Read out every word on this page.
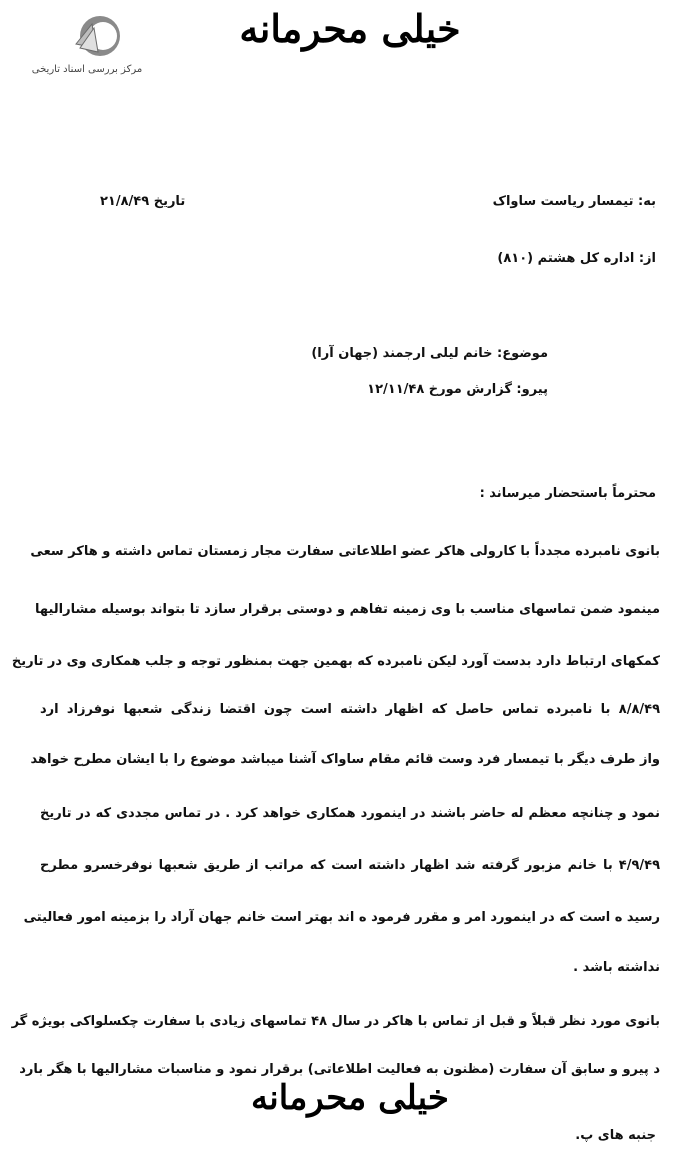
مرکز بررسی اسناد تاریخی
خیلی محرمانه
به: تیمسار ریاست ساواک
تاریخ ۲۱/۸/۴۹
از: اداره کل هشتم (۸۱۰)
موضوع: خانم لیلی ارجمند (جهان آرا)
پیرو: گزارش مورخ ۱۲/۱۱/۴۸
محترماً باستحضار میرساند :
بانوی نامبرده مجدداً با کارولی هاکر عضو اطلاعاتی سفارت مجار زمستان تماس داشته و هاکر سعی
مینمود ضمن تماسهای مناسب با وی زمینه تفاهم و دوستی برقرار سازد تا بتواند بوسیله مشارالیها
کمکهای ارتباط دارد بدست آورد لیکن نامبرده که بهمین جهت بمنظور توجه و جلب همکاری وی در تاریخ
۸/۸/۴۹ با نامبرده تماس حاصل که اظهار داشته است چون اقتضا زندگی شعبها نوفرزاد ارد
واز طرف دیگر با تیمسار فرد وست قائم مقام ساواک آشنا میباشد موضوع را با ایشان مطرح خواهد
نمود و چنانچه معظم له حاضر باشند در اینمورد همکاری خواهد کرد . در تماس مجددی که در تاریخ
۴/۹/۴۹ با خانم مزبور گرفته شد اظهار داشته است که مراتب از طریق شعبها نوفرخسرو مطرح
رسید ه است که در اینمورد امر و مقرر فرمود ه اند بهتر است خانم جهان آراد را بزمینه امور فعالیتی
نداشته باشد .
بانوی مورد نظر قبلاً و قبل از تماس با هاکر در سال ۴۸ تماسهای زیادی با سفارت چکسلواکی بویژه گر
د پیرو و سابق آن سفارت (مظنون به فعالیت اطلاعاتی) برقرار نمود و مناسبات مشارالیها با هگر بارد
خیلی محرمانه
جنبه های پ.
